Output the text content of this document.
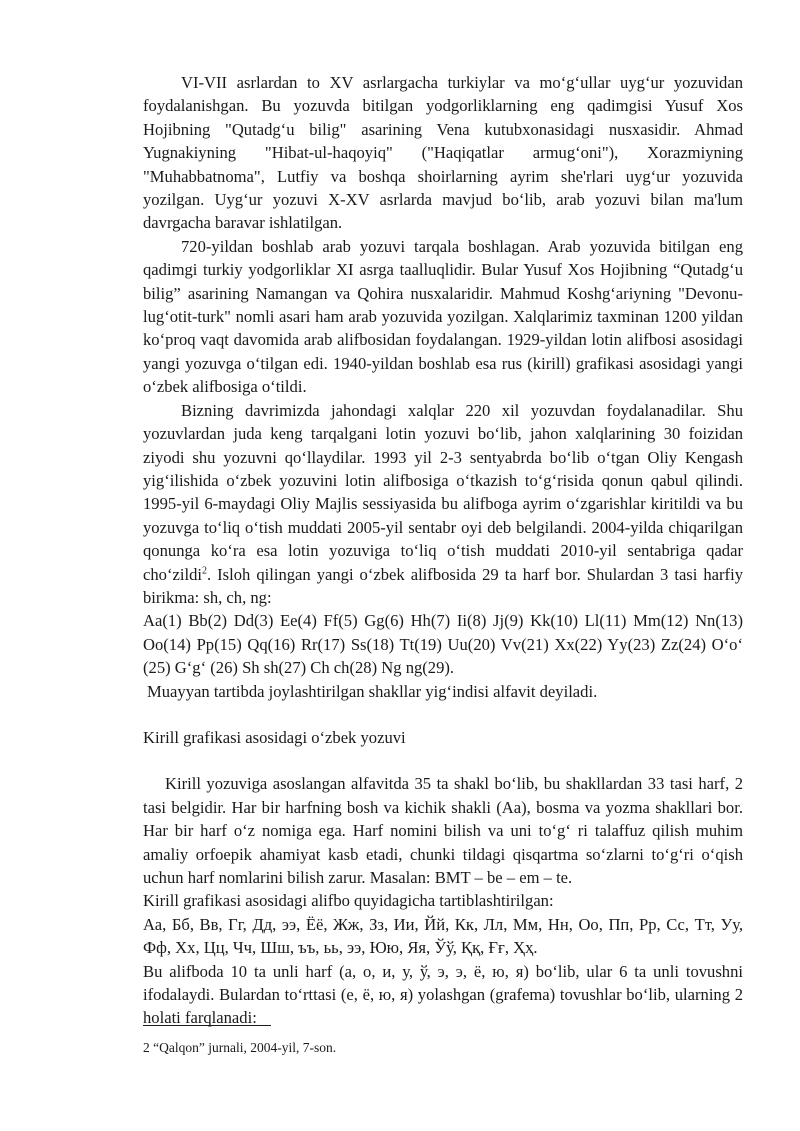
VI-VII asrlardan to XV asrlargacha turkiylar va mo‘g‘ullar uyg‘ur yozuvidan foydalanishgan. Bu yozuvda bitilgan yodgorliklarning eng qadimgisi Yusuf Xos Hojibning "Qutadg‘u bilig" asarining Vena kutubxonasidagi nusxasidir. Ahmad Yugnakiyning "Hibat-ul-haqoyiq" ("Haqiqatlar armug‘oni"), Xorazmiyning "Muhabbatnoma", Lutfiy va boshqa shoirlarning ayrim she'rlari uyg‘ur yozuvida yozilgan. Uyg‘ur yozuvi X-XV asrlarda mavjud bo‘lib, arab yozuvi bilan ma'lum davrgacha baravar ishlatilgan.

720-yildan boshlab arab yozuvi tarqala boshlagan. Arab yozuvida bitilgan eng qadimgi turkiy yodgorliklar XI asrga taalluqlidir. Bular Yusuf Xos Hojibning “Qutadg‘u bilig” asarining Namangan va Qohira nusxalaridir. Mahmud Koshg‘ariyning "Devonu-lug‘otit-turk" nomli asari ham arab yozuvida yozilgan. Xalqlarimiz taxminan 1200 yildan ko‘proq vaqt davomida arab alifbosidan foydalangan. 1929-yildan lotin alifbosi asosidagi yangi yozuvga o‘tilgan edi. 1940-yildan boshlab esa rus (kirill) grafikasi asosidagi yangi o‘zbek alifbosiga o‘tildi.

Bizning davrimizda jahondagi xalqlar 220 xil yozuvdan foydalanadilar. Shu yozuvlardan juda keng tarqalgani lotin yozuvi bo‘lib, jahon xalqlarining 30 foizidan ziyodi shu yozuvni qo‘llaydilar. 1993 yil 2-3 sentyabrda bo‘lib o‘tgan Oliy Kengash yig‘ilishida o‘zbek yozuvini lotin alifbosiga o‘tkazish to‘g‘risida qonun qabul qilindi. 1995-yil 6-maydagi Oliy Majlis sessiyasida bu alifboga ayrim o‘zgarishlar kiritildi va bu yozuvga to‘liq o‘tish muddati 2005-yil sentabr oyi deb belgilandi. 2004-yilda chiqarilgan qonunga ko‘ra esa lotin yozuviga to‘liq o‘tish muddati 2010-yil sentabriga qadar cho‘zildi$^2$. Isloh qilingan yangi o‘zbek alifbosida 29 ta harf bor. Shulardan 3 tasi harfiy birikma: sh, ch, ng:

Aa(1) Bb(2) Dd(3) Ee(4) Ff(5) Gg(6) Hh(7) Ii(8) Jj(9) Kk(10) Ll(11) Mm(12) Nn(13) Oo(14) Pp(15) Qq(16) Rr(17) Ss(18) Tt(19) Uu(20) Vv(21) Xx(22) Yy(23) Zz(24) O‘o‘ (25) G‘g‘ (26) Sh sh(27) Ch ch(28) Ng ng(29).

Muayyan tartibda joylashtirilgan shakllar yig‘indisi alfavit deyiladi.

Kirill grafikasi asosidagi o‘zbek yozuvi

Kirill yozuviga asoslangan alfavitda 35 ta shakl bo‘lib, bu shakllardan 33 tasi harf, 2 tasi belgidir. Har bir harfning bosh va kichik shakli (Aa), bosma va yozma shakllari bor. Har bir harf o‘z nomiga ega. Harf nomini bilish va uni to‘g‘ ri talaffuz qilish muhim amaliy orfoepik ahamiyat kasb etadi, chunki tildagi qisqartma so‘zlarni to‘g‘ri o‘qish uchun harf nomlarini bilish zarur. Masalan: BMT – be – em – te.

Kirill grafikasi asosidagi alifbo quyidagicha tartiblashtirilgan:

Аа, Бб, Вв, Гг, Дд, ээ, Ёё, Жж, Зз, Ии, Йй, Кк, Лл, Мм, Нн, Оо, Пп, Рр, Сс, Тт, Уу, Фф, Хх, Цц, Чч, Шш, ъъ, ьь, ээ, Юю, Яя, Ўў, Ққ, Ғғ, Ҳҳ.

Bu alifboda 10 ta unli harf (а, о, и, у, ў, э, э, ё, ю, я) bo‘lib, ular 6 ta unli tovushni ifodalaydi. Bulardan to‘rttasi (е, ё, ю, я) yolashgan (grafema) tovushlar bo‘lib, ularning 2 holati farqlanadi:

2 “Qalqon” jurnali, 2004-yil, 7-son.
